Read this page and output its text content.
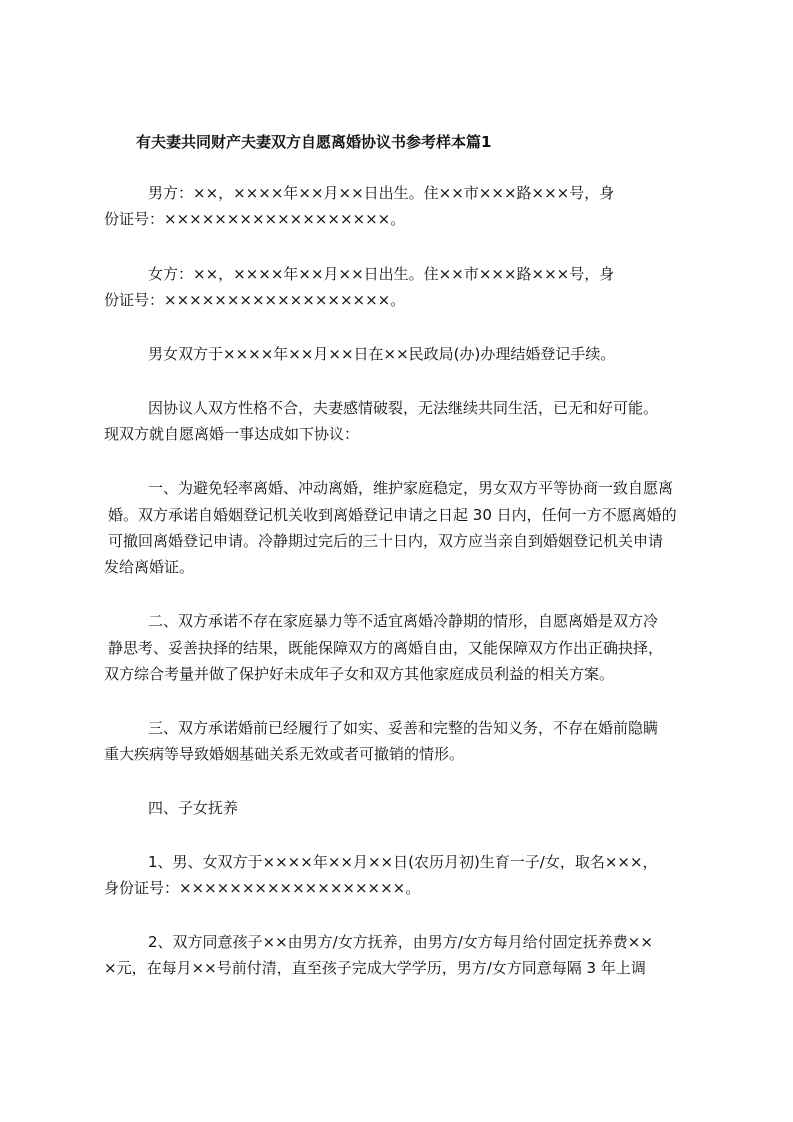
有夫妻共同财产夫妻双方自愿离婚协议书参考样本篇1
男方：××，××××年××月××日出生。住××市×××路×××号，身
份证号：××××××××××××××××××。
女方：××，××××年××月××日出生。住××市×××路×××号，身
份证号：××××××××××××××××××。
男女双方于××××年××月××日在××民政局(办)办理结婚登记手续。
因协议人双方性格不合，夫妻感情破裂，无法继续共同生活，已无和好可能。
现双方就自愿离婚一事达成如下协议：
一、为避免轻率离婚、冲动离婚，维护家庭稳定，男女双方平等协商一致自愿离
婚。双方承诺自婚姻登记机关收到离婚登记申请之日起 30 日内，任何一方不愿离婚的
可撤回离婚登记申请。冷静期过完后的三十日内，双方应当亲自到婚姻登记机关申请
发给离婚证。
二、双方承诺不存在家庭暴力等不适宜离婚冷静期的情形，自愿离婚是双方冷
静思考、妥善抉择的结果，既能保障双方的离婚自由，又能保障双方作出正确抉择，
双方综合考量并做了保护好未成年子女和双方其他家庭成员利益的相关方案。
三、双方承诺婚前已经履行了如实、妥善和完整的告知义务，不存在婚前隐瞒
重大疾病等导致婚姻基础关系无效或者可撤销的情形。
四、子女抚养
1、男、女双方于××××年××月××日(农历月初)生育一子/女，取名×××，
身份证号：××××××××××××××××××。
2、双方同意孩子××由男方/女方抚养，由男方/女方每月给付固定抚养费××
×元，在每月××号前付清，直至孩子完成大学学历，男方/女方同意每隔 3 年上调
